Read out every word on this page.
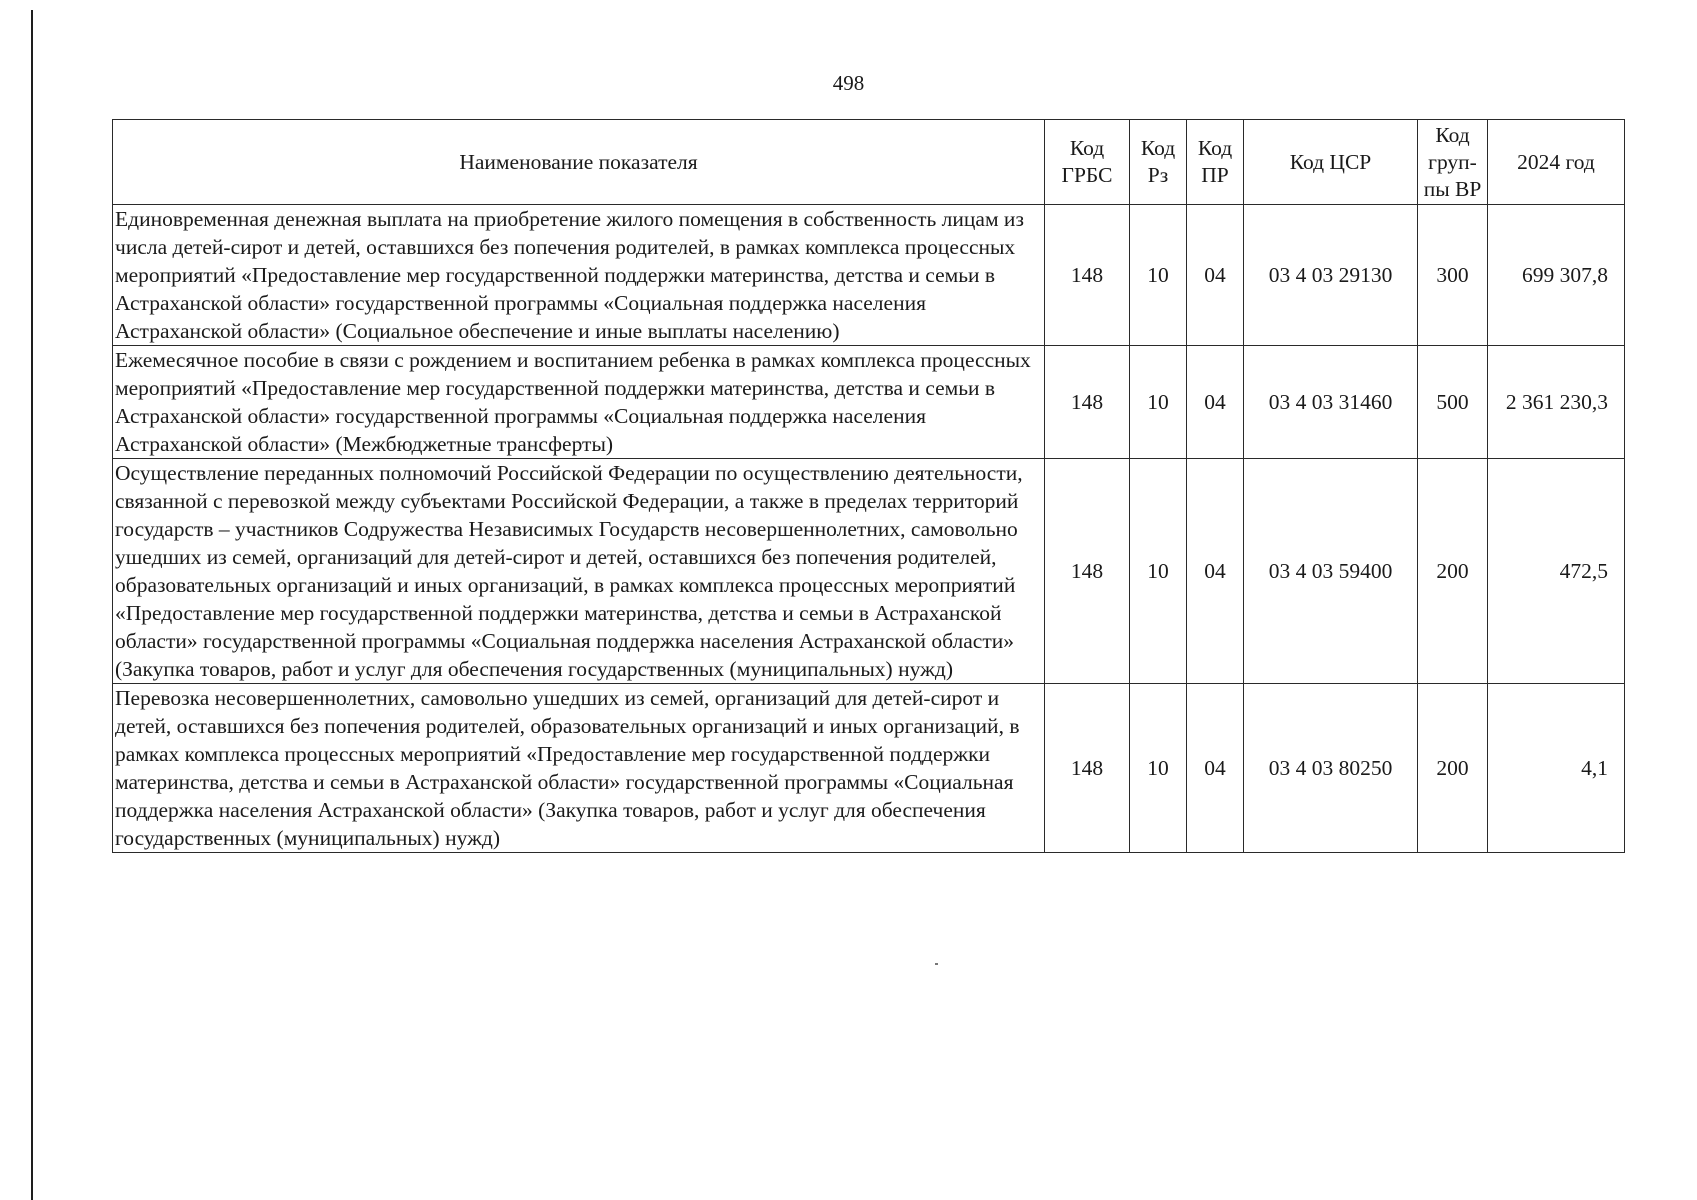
498
Наименование показателя	Код ГРБС	Код Рз	Код ПР	Код ЦСР	Код груп-пы ВР	2024 год
Единовременная денежная выплата на приобретение жилого помещения в собственность лицам из числа детей-сирот и детей, оставшихся без попечения родителей, в рамках комплекса процессных мероприятий «Предоставление мер государственной поддержки материнства, детства и семьи в Астраханской области» государственной программы «Социальная поддержка населения Астраханской области» (Социальное обеспечение и иные выплаты населению)	148	10	04	03 4 03 29130	300	699 307,8
Ежемесячное пособие в связи с рождением и воспитанием ребенка в рамках комплекса процессных мероприятий «Предоставление мер государственной поддержки материнства, детства и семьи в Астраханской области» государственной программы «Социальная поддержка населения Астраханской области» (Межбюджетные трансферты)	148	10	04	03 4 03 31460	500	2 361 230,3
Осуществление переданных полномочий Российской Федерации по осуществлению деятельности, связанной с перевозкой между субъектами Российской Федерации, а также в пределах территорий государств – участников Содружества Независимых Государств несовершеннолетних, самовольно ушедших из семей, организаций для детей-сирот и детей, оставшихся без попечения родителей, образовательных организаций и иных организаций, в рамках комплекса процессных мероприятий «Предоставление мер государственной поддержки материнства, детства и семьи в Астраханской области» государственной программы «Социальная поддержка населения Астраханской области» (Закупка товаров, работ и услуг для обеспечения государственных (муниципальных) нужд)	148	10	04	03 4 03 59400	200	472,5
Перевозка несовершеннолетних, самовольно ушедших из семей, организаций для детей-сирот и детей, оставшихся без попечения родителей, образовательных организаций и иных организаций, в рамках комплекса процессных мероприятий «Предоставление мер государственной поддержки материнства, детства и семьи в Астраханской области» государственной программы «Социальная поддержка населения Астраханской области» (Закупка товаров, работ и услуг для обеспечения государственных (муниципальных) нужд)	148	10	04	03 4 03 80250	200	4,1
